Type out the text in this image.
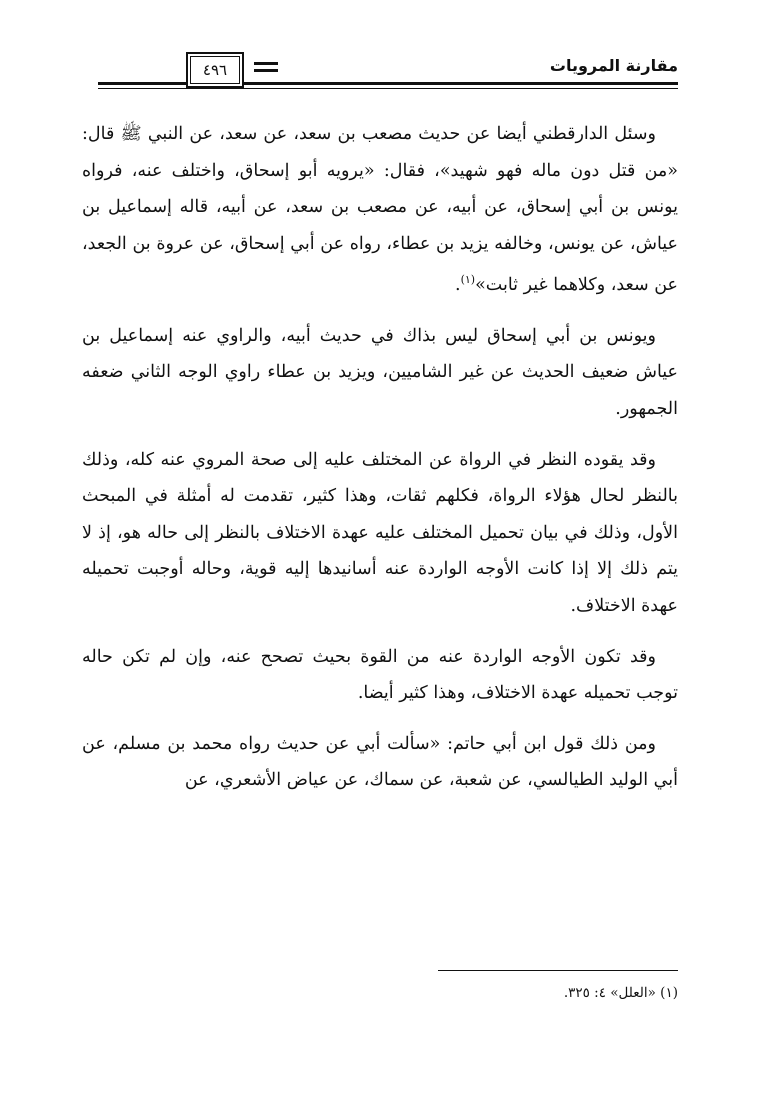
مقارنة المرويات
٤٩٦

وسئل الدارقطني أيضا عن حديث مصعب بن سعد، عن سعد، عن النبي ﷺ قال: «من قتل دون ماله فهو شهيد»، فقال: «يرويه أبو إسحاق، واختلف عنه، فرواه يونس بن أبي إسحاق، عن أبيه، عن مصعب بن سعد، عن أبيه، قاله إسماعيل بن عياش، عن يونس، وخالفه يزيد بن عطاء، رواه عن أبي إسحاق، عن عروة بن الجعد، عن سعد، وكلاهما غير ثابت»$^{(١)}$.

ويونس بن أبي إسحاق ليس بذاك في حديث أبيه، والراوي عنه إسماعيل بن عياش ضعيف الحديث عن غير الشاميين، ويزيد بن عطاء راوي الوجه الثاني ضعفه الجمهور.

وقد يقوده النظر في الرواة عن المختلف عليه إلى صحة المروي عنه كله، وذلك بالنظر لحال هؤلاء الرواة، فكلهم ثقات، وهذا كثير، تقدمت له أمثلة في المبحث الأول، وذلك في بيان تحميل المختلف عليه عهدة الاختلاف بالنظر إلى حاله هو، إذ لا يتم ذلك إلا إذا كانت الأوجه الواردة عنه أسانيدها إليه قوية، وحاله أوجبت تحميله عهدة الاختلاف.

وقد تكون الأوجه الواردة عنه من القوة بحيث تصحح عنه، وإن لم تكن حاله توجب تحميله عهدة الاختلاف، وهذا كثير أيضا.

ومن ذلك قول ابن أبي حاتم: «سألت أبي عن حديث رواه محمد بن مسلم، عن أبي الوليد الطيالسي، عن شعبة، عن سماك، عن عياض الأشعري، عن

(١) «العلل» ٤: ٣٢٥.
